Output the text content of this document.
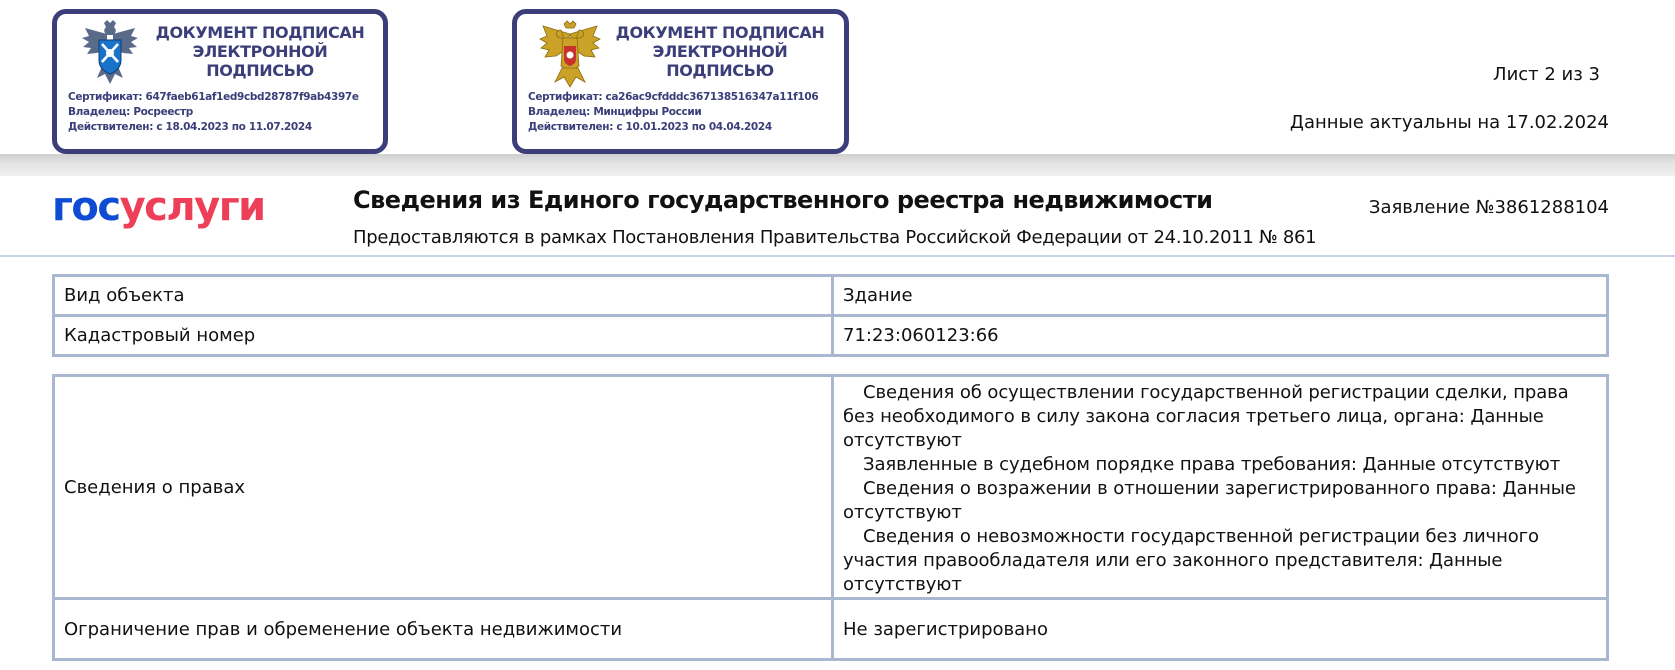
ДОКУМЕНТ ПОДПИСАН ЭЛЕКТРОННОЙ ПОДПИСЬЮ
Сертификат: 647faeb61af1ed9cbd28787f9ab4397e
Владелец: Росреестр
Действителен: с 18.04.2023 по 11.07.2024
ДОКУМЕНТ ПОДПИСАН ЭЛЕКТРОННОЙ ПОДПИСЬЮ
Сертификат: ca26ac9cfdddc367138516347a11f106
Владелец: Минцифры России
Действителен: с 10.01.2023 по 04.04.2024
Лист 2 из 3
Данные актуальны на 17.02.2024
госуслуги	Сведения из Единого государственного реестра недвижимости
Предоставляются в рамках Постановления Правительства Российской Федерации от 24.10.2011 № 861
Заявление №3861288104
Вид объекта	Здание
Кадастровый номер	71:23:060123:66
Сведения о правах	Сведения об осуществлении государственной регистрации сделки, права без необходимого в силу закона согласия третьего лица, органа: Данные отсутствуют
Заявленные в судебном порядке права требования: Данные отсутствуют
Сведения о возражении в отношении зарегистрированного права: Данные отсутствуют
Сведения о невозможности государственной регистрации без личного участия правообладателя или его законного представителя: Данные отсутствуют

Ограничение прав и обременение объекта недвижимости	Не зарегистрировано
